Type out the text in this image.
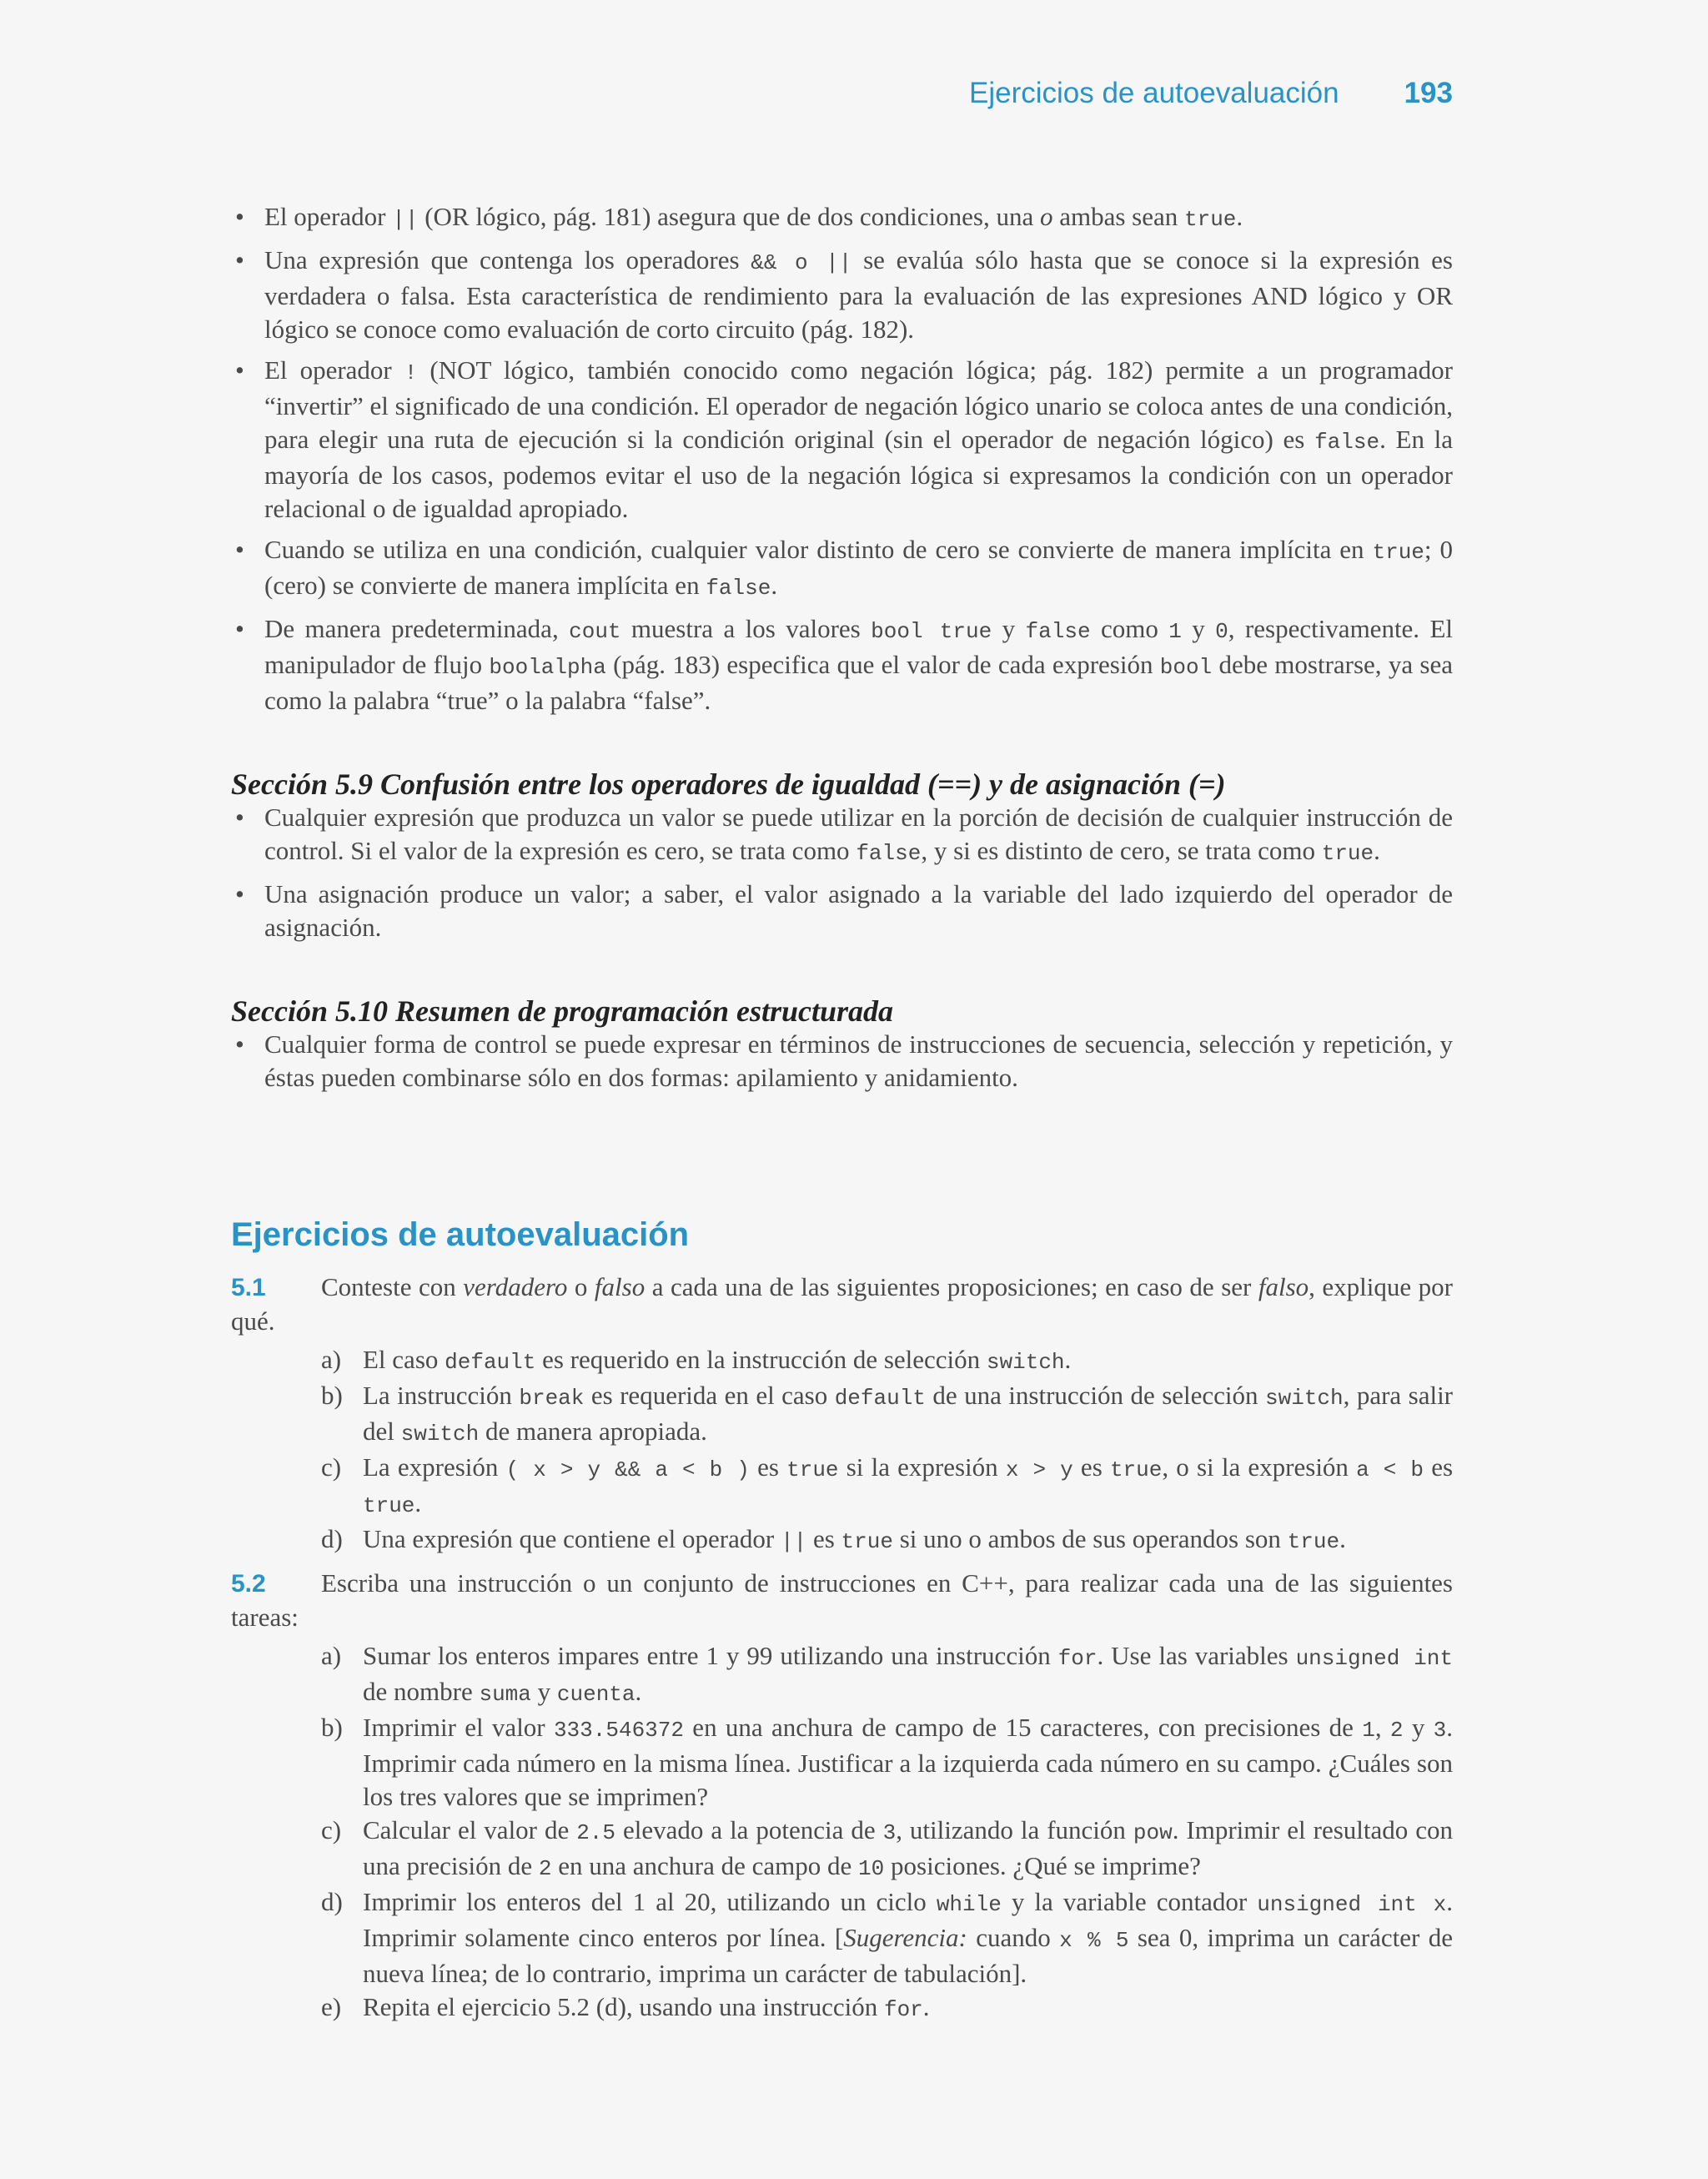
Ejercicios de autoevaluación 193
• El operador || (OR lógico, pág. 181) asegura que de dos condiciones, una o ambas sean true.
• Una expresión que contenga los operadores && o || se evalúa sólo hasta que se conoce si la expresión es verdadera o falsa. Esta característica de rendimiento para la evaluación de las expresiones AND lógico y OR lógico se conoce como evaluación de corto circuito (pág. 182).
• El operador ! (NOT lógico, también conocido como negación lógica; pág. 182) permite a un programador “invertir” el significado de una condición. El operador de negación lógico unario se coloca antes de una condición, para elegir una ruta de ejecución si la condición original (sin el operador de negación lógico) es false. En la mayoría de los casos, podemos evitar el uso de la negación lógica si expresamos la condición con un operador relacional o de igualdad apropiado.
• Cuando se utiliza en una condición, cualquier valor distinto de cero se convierte de manera implícita en true; 0 (cero) se convierte de manera implícita en false.
• De manera predeterminada, cout muestra a los valores bool true y false como 1 y 0, respectivamente. El manipulador de flujo boolalpha (pág. 183) especifica que el valor de cada expresión bool debe mostrarse, ya sea como la palabra “true” o la palabra “false”.
Sección 5.9 Confusión entre los operadores de igualdad (==) y de asignación (=)
• Cualquier expresión que produzca un valor se puede utilizar en la porción de decisión de cualquier instrucción de control. Si el valor de la expresión es cero, se trata como false, y si es distinto de cero, se trata como true.
• Una asignación produce un valor; a saber, el valor asignado a la variable del lado izquierdo del operador de asignación.
Sección 5.10 Resumen de programación estructurada
• Cualquier forma de control se puede expresar en términos de instrucciones de secuencia, selección y repetición, y éstas pueden combinarse sólo en dos formas: apilamiento y anidamiento.
Ejercicios de autoevaluación
5.1 Conteste con verdadero o falso a cada una de las siguientes proposiciones; en caso de ser falso, explique por qué.
a) El caso default es requerido en la instrucción de selección switch.
b) La instrucción break es requerida en el caso default de una instrucción de selección switch, para salir del switch de manera apropiada.
c) La expresión ( x > y && a < b ) es true si la expresión x > y es true, o si la expresión a < b es true.
d) Una expresión que contiene el operador || es true si uno o ambos de sus operandos son true.
5.2 Escriba una instrucción o un conjunto de instrucciones en C++, para realizar cada una de las siguientes tareas:
a) Sumar los enteros impares entre 1 y 99 utilizando una instrucción for. Use las variables unsigned int de nombre suma y cuenta.
b) Imprimir el valor 333.546372 en una anchura de campo de 15 caracteres, con precisiones de 1, 2 y 3. Imprimir cada número en la misma línea. Justificar a la izquierda cada número en su campo. ¿Cuáles son los tres valores que se imprimen?
c) Calcular el valor de 2.5 elevado a la potencia de 3, utilizando la función pow. Imprimir el resultado con una precisión de 2 en una anchura de campo de 10 posiciones. ¿Qué se imprime?
d) Imprimir los enteros del 1 al 20, utilizando un ciclo while y la variable contador unsigned int x. Imprimir solamente cinco enteros por línea. [Sugerencia: cuando x % 5 sea 0, imprima un carácter de nueva línea; de lo contrario, imprima un carácter de tabulación].
e) Repita el ejercicio 5.2 (d), usando una instrucción for.
